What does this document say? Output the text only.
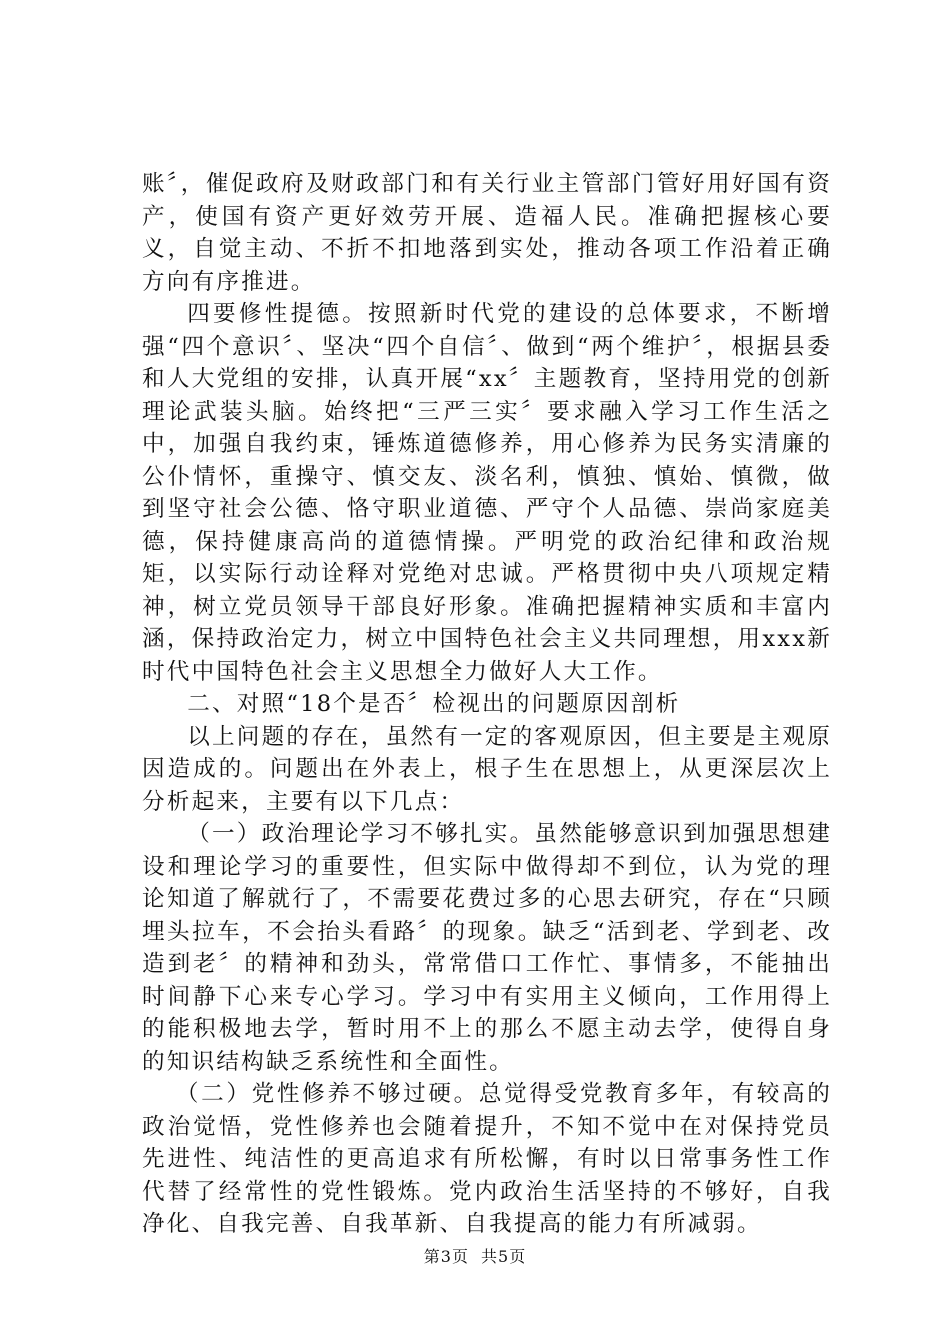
账〞，催促政府及财政部门和有关行业主管部门管好用好国有资产，使国有资产更好效劳开展、造福人民。准确把握核心要义，自觉主动、不折不扣地落到实处，推动各项工作沿着正确方向有序推进。

四要修性提德。按照新时代党的建设的总体要求，不断增强“四个意识〞、坚决“四个自信〞、做到“两个维护〞，根据县委和人大党组的安排，认真开展“xx〞主题教育，坚持用党的创新理论武装头脑。始终把“三严三实〞要求融入学习工作生活之中，加强自我约束，锤炼道德修养，用心修养为民务实清廉的公仆情怀，重操守、慎交友、淡名利，慎独、慎始、慎微，做到坚守社会公德、恪守职业道德、严守个人品德、崇尚家庭美德，保持健康高尚的道德情操。严明党的政治纪律和政治规矩，以实际行动诠释对党绝对忠诚。严格贯彻中央八项规定精神，树立党员领导干部良好形象。准确把握精神实质和丰富内涵，保持政治定力，树立中国特色社会主义共同理想，用xxx新时代中国特色社会主义思想全力做好人大工作。

二、对照“18个是否〞检视出的问题原因剖析

以上问题的存在，虽然有一定的客观原因，但主要是主观原因造成的。问题出在外表上，根子生在思想上，从更深层次上分析起来，主要有以下几点：

（一）政治理论学习不够扎实。虽然能够意识到加强思想建设和理论学习的重要性，但实际中做得却不到位，认为党的理论知道了解就行了，不需要花费过多的心思去研究，存在“只顾埋头拉车，不会抬头看路〞的现象。缺乏“活到老、学到老、改造到老〞的精神和劲头，常常借口工作忙、事情多，不能抽出时间静下心来专心学习。学习中有实用主义倾向，工作用得上的能积极地去学，暂时用不上的那么不愿主动去学，使得自身的知识结构缺乏系统性和全面性。

（二）党性修养不够过硬。总觉得受党教育多年，有较高的政治觉悟，党性修养也会随着提升，不知不觉中在对保持党员先进性、纯洁性的更高追求有所松懈，有时以日常事务性工作代替了经常性的党性锻炼。党内政治生活坚持的不够好，自我净化、自我完善、自我革新、自我提高的能力有所减弱。

第3页 共5页
